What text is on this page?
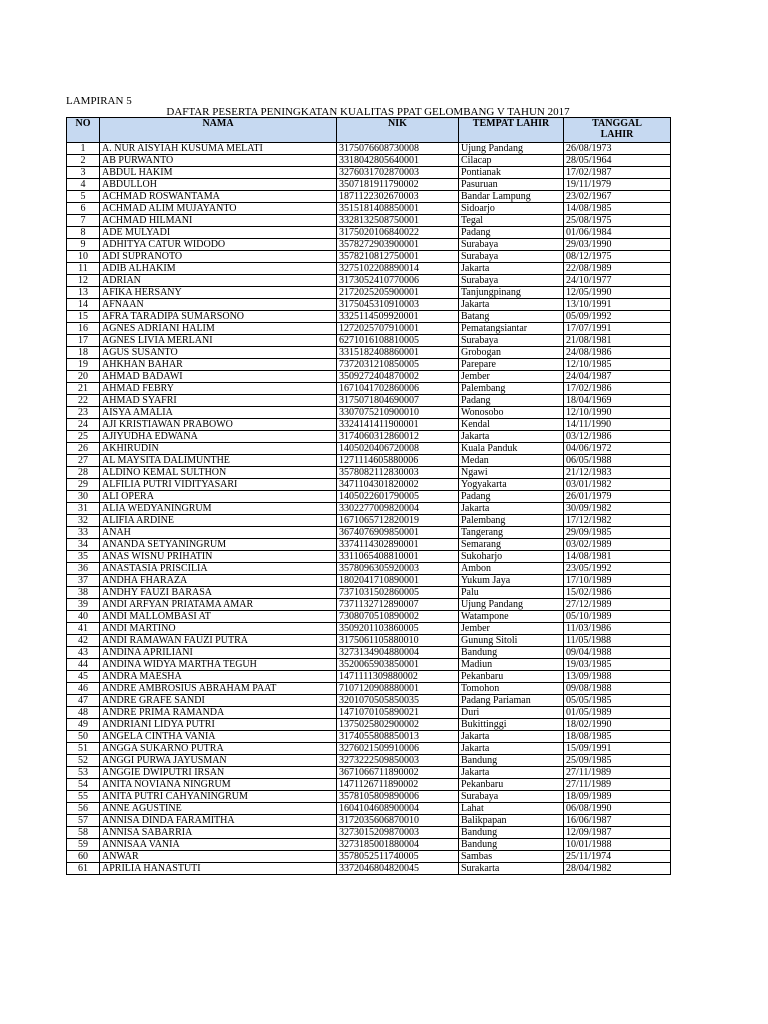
LAMPIRAN 5
DAFTAR PESERTA PENINGKATAN KUALITAS PPAT GELOMBANG V TAHUN 2017
NO	NAMA	NIK	TEMPAT LAHIR	TANGGAL
LAHIR

1	A. NUR AISYIAH KUSUMA MELATI	3175076608730008	Ujung Pandang	26/08/1973
2	AB PURWANTO	3318042805640001	Cilacap	28/05/1964
3	ABDUL HAKIM	3276031702870003	Pontianak	17/02/1987
4	ABDULLOH	3507181911790002	Pasuruan	19/11/1979
5	ACHMAD ROSWANTAMA	1871122302670003	Bandar Lampung	23/02/1967
6	ACHMAD ALIM MUJAYANTO	3515181408850001	Sidoarjo	14/08/1985
7	ACHMAD HILMANI	3328132508750001	Tegal	25/08/1975
8	ADE MULYADI	3175020106840022	Padang	01/06/1984
9	ADHITYA CATUR WIDODO	3578272903900001	Surabaya	29/03/1990
10	ADI SUPRANOTO	3578210812750001	Surabaya	08/12/1975
11	ADIB ALHAKIM	3275102208890014	Jakarta	22/08/1989
12	ADRIAN	3173052410770006	Surabaya	24/10/1977
13	AFIKA HERSANY	2172025205900001	Tanjungpinang	12/05/1990
14	AFNAAN	3175045310910003	Jakarta	13/10/1991
15	AFRA TARADIPA SUMARSONO	3325114509920001	Batang	05/09/1992
16	AGNES ADRIANI HALIM	1272025707910001	Pematangsiantar	17/07/1991
17	AGNES LIVIA MERLANI	6271016108810005	Surabaya	21/08/1981
18	AGUS SUSANTO	3315182408860001	Grobogan	24/08/1986
19	AHKHAN BAHAR	7372031210850005	Parepare	12/10/1985
20	AHMAD BADAWI	3509272404870002	Jember	24/04/1987
21	AHMAD FEBRY	1671041702860006	Palembang	17/02/1986
22	AHMAD SYAFRI	3175071804690007	Padang	18/04/1969
23	AISYA AMALIA	3307075210900010	Wonosobo	12/10/1990
24	AJI KRISTIAWAN PRABOWO	3324141411900001	Kendal	14/11/1990
25	AJIYUDHA EDWANA	3174060312860012	Jakarta	03/12/1986
26	AKHIRUDIN	1405020406720008	Kuala Panduk	04/06/1972
27	AL MAYSITA DALIMUNTHE	1271114605880006	Medan	06/05/1988
28	ALDINO KEMAL SULTHON	3578082112830003	Ngawi	21/12/1983
29	ALFILIA PUTRI VIDITYASARI	3471104301820002	Yogyakarta	03/01/1982
30	ALI OPERA	1405022601790005	Padang	26/01/1979
31	ALIA WEDYANINGRUM	3302277009820004	Jakarta	30/09/1982
32	ALIFIA ARDINE	1671065712820019	Palembang	17/12/1982
33	ANAH	3674076909850001	Tangerang	29/09/1985
34	ANANDA SETYANINGRUM	3374114302890001	Semarang	03/02/1989
35	ANAS WISNU PRIHATIN	3311065408810001	Sukoharjo	14/08/1981
36	ANASTASIA PRISCILIA	3578096305920003	Ambon	23/05/1992
37	ANDHA FHARAZA	1802041710890001	Yukum Jaya	17/10/1989
38	ANDHY FAUZI BARASA	7371031502860005	Palu	15/02/1986
39	ANDI ARFYAN PRIATAMA AMAR	7371132712890007	Ujung Pandang	27/12/1989
40	ANDI MALLOMBASI AT	7308070510890002	Watampone	05/10/1989
41	ANDI MARTINO	3509201103860005	Jember	11/03/1986
42	ANDI RAMAWAN FAUZI PUTRA	3175061105880010	Gunung Sitoli	11/05/1988
43	ANDINA APRILIANI	3273134904880004	Bandung	09/04/1988
44	ANDINA WIDYA MARTHA TEGUH	3520065903850001	Madiun	19/03/1985
45	ANDRA MAESHA	1471111309880002	Pekanbaru	13/09/1988
46	ANDRE AMBROSIUS ABRAHAM PAAT	7107120908880001	Tomohon	09/08/1988
47	ANDRE GRAFE SANDI	3201070505850035	Padang Pariaman	05/05/1985
48	ANDRE PRIMA RAMANDA	1471070105890021	Duri	01/05/1989
49	ANDRIANI LIDYA PUTRI	1375025802900002	Bukittinggi	18/02/1990
50	ANGELA CINTHA VANIA	3174055808850013	Jakarta	18/08/1985
51	ANGGA SUKARNO PUTRA	3276021509910006	Jakarta	15/09/1991
52	ANGGI PURWA JAYUSMAN	3273222509850003	Bandung	25/09/1985
53	ANGGIE DWIPUTRI IRSAN	3671066711890002	Jakarta	27/11/1989
54	ANITA NOVIANA NINGRUM	1471126711890002	Pekanbaru	27/11/1989
55	ANITA PUTRI CAHYANINGRUM	3578105809890006	Surabaya	18/09/1989
56	ANNE AGUSTINE	1604104608900004	Lahat	06/08/1990
57	ANNISA DINDA FARAMITHA	3172035606870010	Balikpapan	16/06/1987
58	ANNISA SABARRIA	3273015209870003	Bandung	12/09/1987
59	ANNISAA VANIA	3273185001880004	Bandung	10/01/1988
60	ANWAR	3578052511740005	Sambas	25/11/1974
61	APRILIA HANASTUTI	3372046804820045	Surakarta	28/04/1982
